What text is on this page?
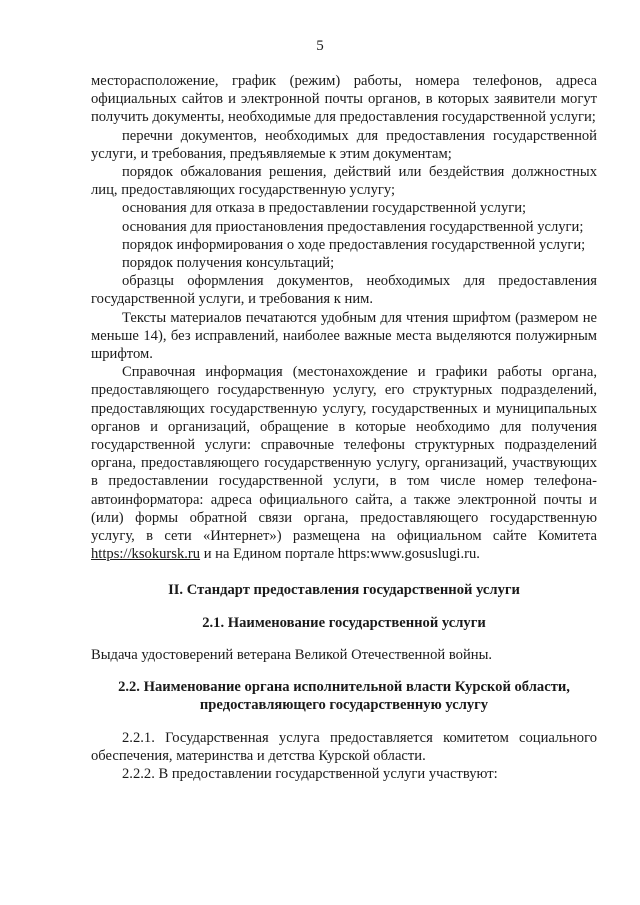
5

месторасположение, график (режим) работы, номера телефонов, адреса официальных сайтов и электронной почты органов, в которых заявители могут получить документы, необходимые для предоставления государственной услуги;

перечни документов, необходимых для предоставления государственной услуги, и требования, предъявляемые к этим документам;

порядок обжалования решения, действий или бездействия должностных лиц, предоставляющих государственную услугу;

основания для отказа в предоставлении государственной услуги;

основания для приостановления предоставления государственной услуги;

порядок информирования о ходе предоставления государственной услуги;

порядок получения консультаций;

образцы оформления документов, необходимых для предоставления государственной услуги, и требования к ним.

Тексты материалов печатаются удобным для чтения шрифтом (размером не меньше 14), без исправлений, наиболее важные места выделяются полужирным шрифтом.

Справочная информация (местонахождение и графики работы органа, предоставляющего государственную услугу, его структурных подразделений, предоставляющих государственную услугу, государственных и муниципальных органов и организаций, обращение в которые необходимо для получения государственной услуги: справочные телефоны структурных подразделений органа, предоставляющего государственную услугу, организаций, участвующих в предоставлении государственной услуги, в том числе номер телефона-автоинформатора: адреса официального сайта, а также электронной почты и (или) формы обратной связи органа, предоставляющего государственную услугу, в сети «Интернет») размещена на официальном сайте Комитета https://ksokursk.ru и на Едином портале https:www.gosuslugi.ru.

II. Стандарт предоставления государственной услуги

2.1. Наименование государственной услуги

Выдача удостоверений ветерана Великой Отечественной войны.

2.2. Наименование органа исполнительной власти Курской области,
предоставляющего государственную услугу

2.2.1. Государственная услуга предоставляется комитетом социального обеспечения, материнства и детства Курской области.

2.2.2. В предоставлении государственной услуги участвуют:
